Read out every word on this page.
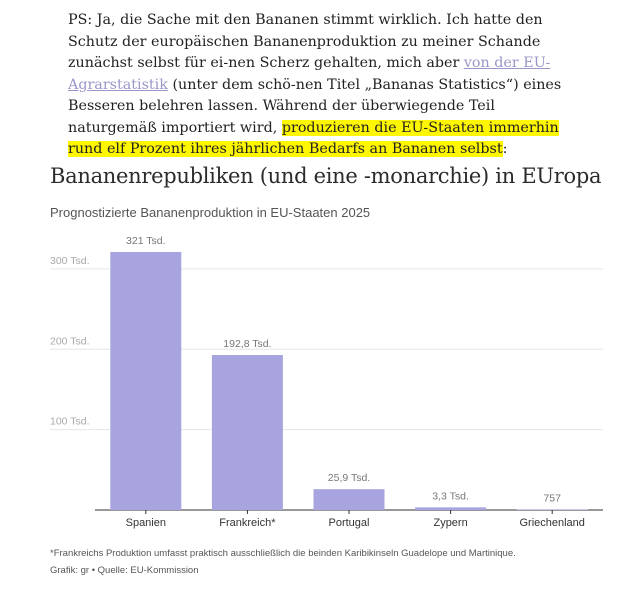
PS: Ja, die Sache mit den Bananen stimmt wirklich. Ich hatte den Schutz der europäischen Bananenproduktion zu meiner Schande zunächst selbst für ei-nen Scherz gehalten, mich aber von der EU-Agrarstatistik (unter dem schö-nen Titel „Bananas Statistics“) eines Besseren belehren lassen. Während der überwiegende Teil naturgemäß importiert wird, produzieren die EU-Staaten immerhin rund elf Prozent ihres jährlichen Bedarfs an Bananen selbst:

Bananenrepubliken (und eine -monarchie) in EUropa
Prognostizierte Bananenproduktion in EU-Staaten 2025
100 Tsd.
200 Tsd.
300 Tsd.
321 Tsd.
Spanien
192,8 Tsd.
Frankreich*
25,9 Tsd.
Portugal
3,3 Tsd.
Zypern
757
Griechenland
*Frankreichs Produktion umfasst praktisch ausschließlich die beinden Karibikinseln Guadelope und Martinique.
Grafik: gr • Quelle: EU-Kommission
